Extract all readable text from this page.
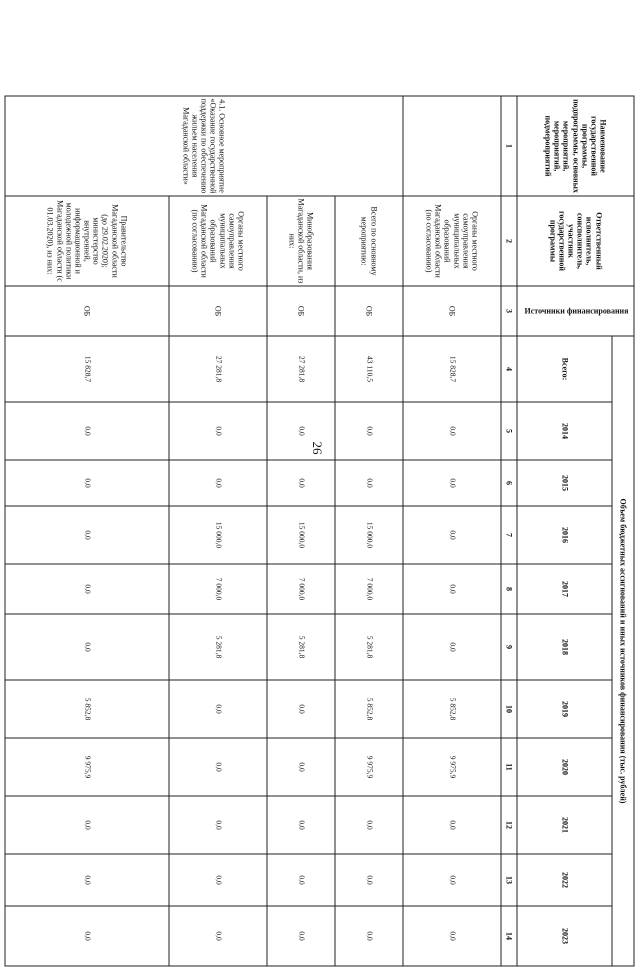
26
Наименование государственной программы, подпрограммы, основных мероприятий, мероприятий, подмероприятий	Ответственный исполнитель, соисполнитель, участник государственной программы	Источники финансирования	Объем бюджетных ассигнований и иных источников финансирования (тыс. рублей)										
			Всего:	2014	2015	2016	2017	2018	2019	2020	2021	2022	2023
1	2	3	4	5	6	7	8	9	10	11	12	13	14
	Органы местного самоуправления муниципальных образований Магаданской области (по согласованию)	ОБ	15 828,7	0,0	0,0	0,0	0,0	0,0	5 852,8	9 975,9	0,0	0,0	0,0
4.1. Основное мероприятие «Оказание государственной поддержки по обеспечению жильем населения Магаданской области»	Всего по основному мероприятию:	ОБ	43 110,5	0,0	0,0	15 000,0	7 000,0	5 281,8	5 852,8	9 975,9	0,0	0,0	0,0
	Минобразования Магаданской области, из них:	ОБ	27 281,8	0,0	0,0	15 000,0	7 000,0	5 281,8	0,0	0,0	0,0	0,0	0,0
	Органы местного самоуправления муниципальных образований Магаданской области (по согласованию)	ОБ	27 281,8	0,0	0,0	15 000,0	7 000,0	5 281,8	0,0	0,0	0,0	0,0	0,0
	Правительство Магаданской области (до 29.02.2020); министерство внутренней, информационной и молодежной политики Магаданской области (с 01.03.2020), из них:	ОБ	15 828,7	0,0	0,0	0,0	0,0	0,0	5 852,8	9 975,9	0,0	0,0	0,0
